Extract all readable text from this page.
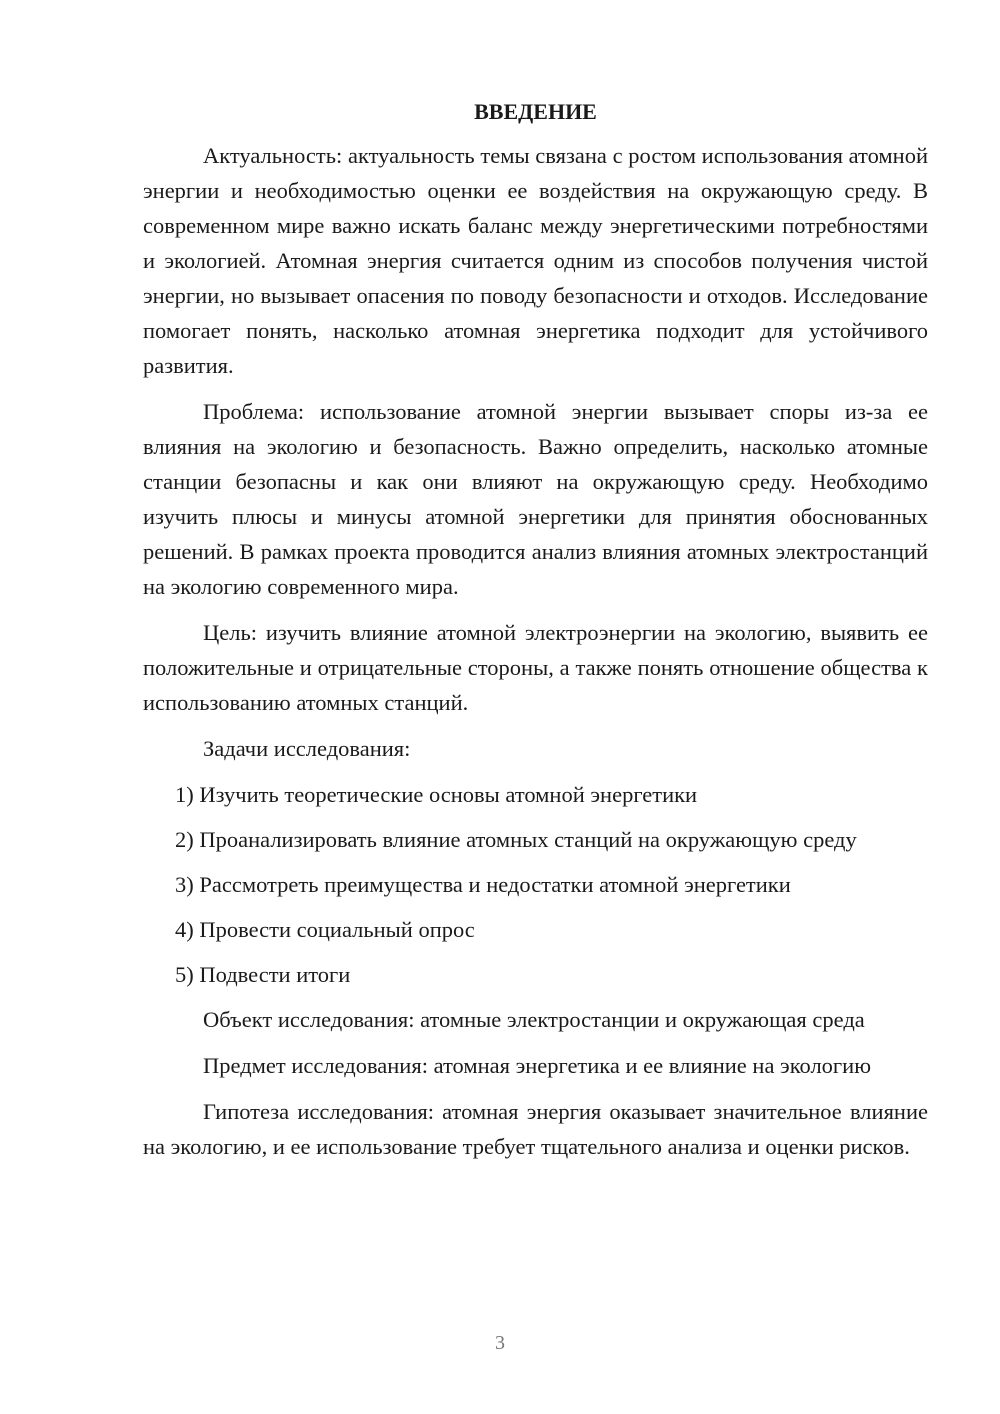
ВВЕДЕНИЕ

Актуальность: актуальность темы связана с ростом использования атомной энергии и необходимостью оценки ее воздействия на окружающую среду. В современном мире важно искать баланс между энергетическими потребностями и экологией. Атомная энергия считается одним из способов получения чистой энергии, но вызывает опасения по поводу безопасности и отходов. Исследование помогает понять, насколько атомная энергетика подходит для устойчивого развития.

Проблема: использование атомной энергии вызывает споры из-за ее влияния на экологию и безопасность. Важно определить, насколько атомные станции безопасны и как они влияют на окружающую среду. Необходимо изучить плюсы и минусы атомной энергетики для принятия обоснованных решений. В рамках проекта проводится анализ влияния атомных электростанций на экологию современного мира.

Цель: изучить влияние атомной электроэнергии на экологию, выявить ее положительные и отрицательные стороны, а также понять отношение общества к использованию атомных станций.

Задачи исследования:

1) Изучить теоретические основы атомной энергетики

2) Проанализировать влияние атомных станций на окружающую среду

3) Рассмотреть преимущества и недостатки атомной энергетики

4) Провести социальный опрос

5) Подвести итоги

Объект исследования: атомные электростанции и окружающая среда

Предмет исследования: атомная энергетика и ее влияние на экологию

Гипотеза исследования: атомная энергия оказывает значительное влияние на экологию, и ее использование требует тщательного анализа и оценки рисков.

3
